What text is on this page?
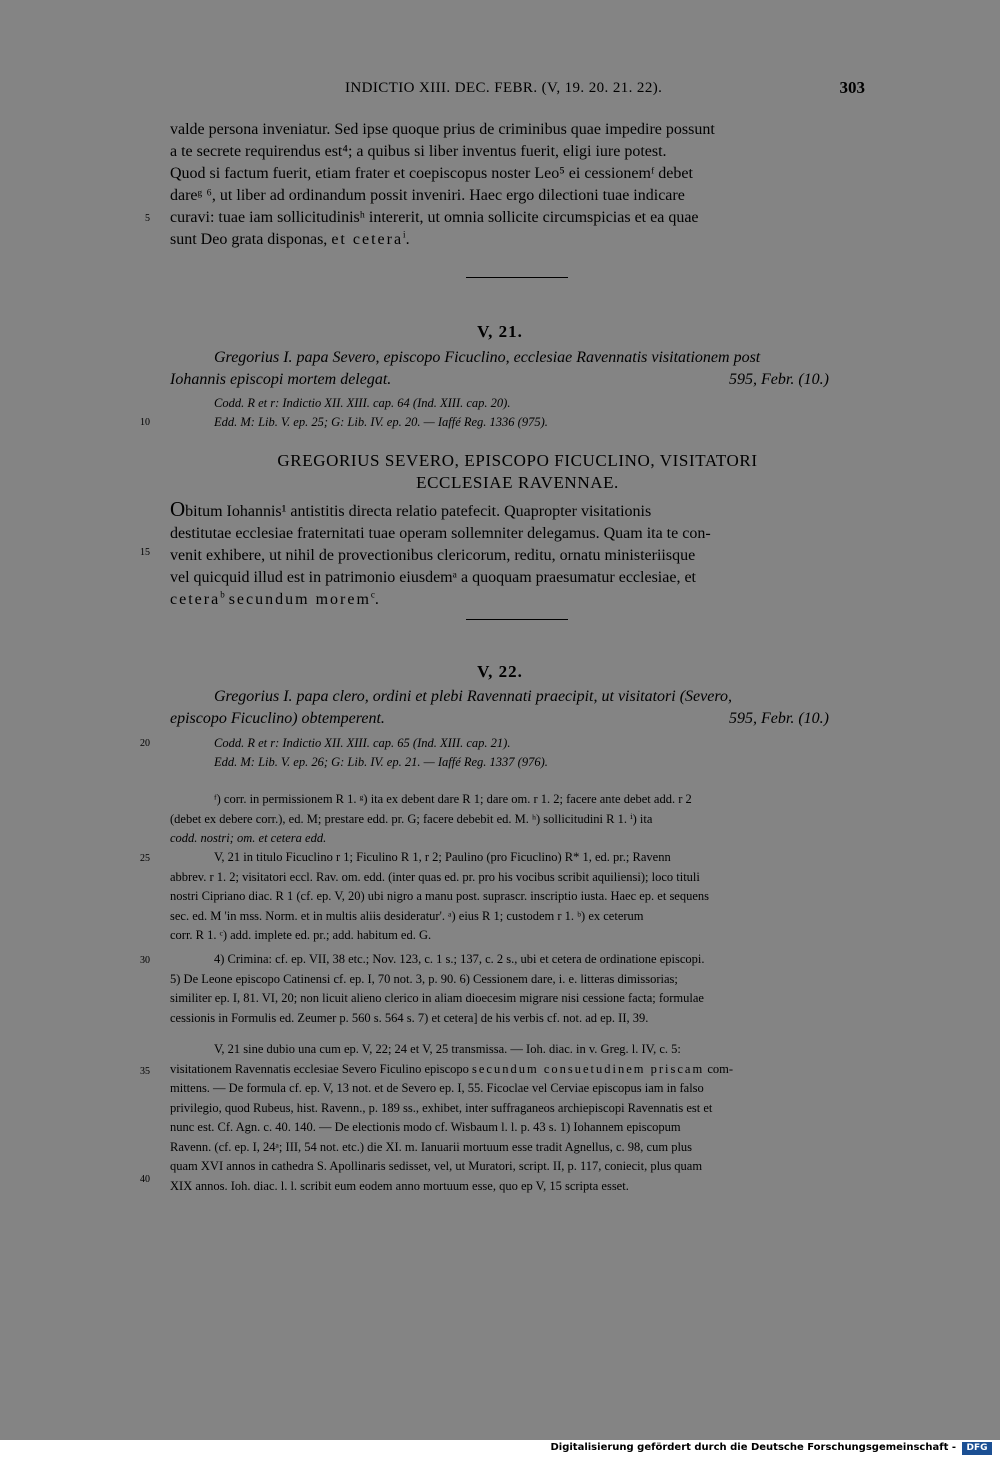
INDICTIO XIII. DEC. FEBR. (V, 19. 20. 21. 22).	303
5
10
15
20
25
30
35
40

valde persona inveniatur. Sed ipse quoque prius de criminibus quae impedire possunt

a te secrete requirendus est⁴; a quibus si liber inventus fuerit, eligi iure potest.

Quod si factum fuerit, etiam frater et coepiscopus noster Leo⁵ ei cessionemᶠ debet

dareᵍ ⁶, ut liber ad ordinandum possit inveniri. Haec ergo dilectioni tuae indicare

curavi: tuae iam sollicitudinisʰ intererit, ut omnia sollicite circumspicias et ea quae

sunt Deo grata disponas, et cetera$^i$.

V, 21.
Gregorius I. papa Severo, episcopo Ficuclino, ecclesiae Ravennatis visitationem post
Iohannis episcopi mortem delegat.	595, Febr. (10.)
Codd. R et r: Indictio XII. XIII. cap. 64 (Ind. XIII. cap. 20).
Edd. M: Lib. V. ep. 25; G: Lib. IV. ep. 20. — Iaffé Reg. 1336 (975).
GREGORIUS SEVERO, EPISCOPO FICUCLINO, VISITATORI
ECCLESIAE RAVENNAE.

Obitum Iohannis¹ antistitis directa relatio patefecit. Quapropter visitationis

destitutae ecclesiae fraternitati tuae operam sollemniter delegamus. Quam ita te con-

venit exhibere, ut nihil de provectionibus clericorum, reditu, ornatu ministeriisque

vel quicquid illud est in patrimonio eiusdemᵃ a quoquam praesumatur ecclesiae, et

cetera$^b$ secundum morem$^c$.

V, 22.
Gregorius I. papa clero, ordini et plebi Ravennati praecipit, ut visitatori (Severo,
episcopo Ficuclino) obtemperent.	595, Febr. (10.)
Codd. R et r: Indictio XII. XIII. cap. 65 (Ind. XIII. cap. 21).
Edd. M: Lib. V. ep. 26; G: Lib. IV. ep. 21. — Iaffé Reg. 1337 (976).

ᶠ) corr. in permissionem R 1. ᵍ) ita ex debent dare R 1; dare om. r 1. 2; facere ante debet add. r 2

(debet ex debere corr.), ed. M; prestare edd. pr. G; facere debebit ed. M. ʰ) sollicitudini R 1. ⁱ) ita

codd. nostri; om. et cetera edd.

V, 21 in titulo Ficuclino r 1; Ficulino R 1, r 2; Paulino (pro Ficuclino) R* 1, ed. pr.; Ravenn

abbrev. r 1. 2; visitatori eccl. Rav. om. edd. (inter quas ed. pr. pro his vocibus scribit aquiliensi); loco tituli

nostri Cipriano diac. R 1 (cf. ep. V, 20) ubi nigro a manu post. suprascr. inscriptio iusta. Haec ep. et sequens

sec. ed. M 'in mss. Norm. et in multis aliis desideratur'. ᵃ) eius R 1; custodem r 1. ᵇ) ex ceterum

corr. R 1. ᶜ) add. implete ed. pr.; add. habitum ed. G.

4) Crimina: cf. ep. VII, 38 etc.; Nov. 123, c. 1 s.; 137, c. 2 s., ubi et cetera de ordinatione episcopi.

5) De Leone episcopo Catinensi cf. ep. I, 70 not. 3, p. 90. 6) Cessionem dare, i. e. litteras dimissorias;

similiter ep. I, 81. VI, 20; non licuit alieno clerico in aliam dioecesim migrare nisi cessione facta; formulae

cessionis in Formulis ed. Zeumer p. 560 s. 564 s. 7) et cetera] de his verbis cf. not. ad ep. II, 39.

V, 21 sine dubio una cum ep. V, 22; 24 et V, 25 transmissa. — Ioh. diac. in v. Greg. l. IV, c. 5:

visitationem Ravennatis ecclesiae Severo Ficulino episcopo secundum consuetudinem priscam com-

mittens. — De formula cf. ep. V, 13 not. et de Severo ep. I, 55. Ficoclae vel Cerviae episcopus iam in falso

privilegio, quod Rubeus, hist. Ravenn., p. 189 ss., exhibet, inter suffraganeos archiepiscopi Ravennatis est et

nunc est. Cf. Agn. c. 40. 140. — De electionis modo cf. Wisbaum l. l. p. 43 s. 1) Iohannem episcopum

Ravenn. (cf. ep. I, 24ᵃ; III, 54 not. etc.) die XI. m. Ianuarii mortuum esse tradit Agnellus, c. 98, cum plus

quam XVI annos in cathedra S. Apollinaris sedisset, vel, ut Muratori, script. II, p. 117, coniecit, plus quam

XIX annos. Ioh. diac. l. l. scribit eum eodem anno mortuum esse, quo ep V, 15 scripta esset.

Digitalisierung gefördert durch die Deutsche Forschungsgemeinschaft -	DFG
